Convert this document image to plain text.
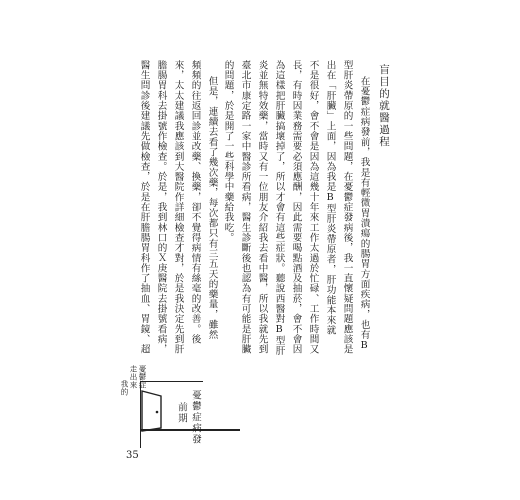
盲目的就醫過程
在憂鬱症病發前，我是有輕微胃潰瘍的腸胃方面疾病，也有B
型肝炎帶原的一些問題，在憂鬱症發病後，我一直懷疑問題應該是
出在「肝臟」上面，因為我是B型肝炎帶原者，肝功能本來就
不是很好，會不會是因為這幾十年來工作太過於忙碌、工作時間又
長，有時因業務需要必須應酬，因此需要喝點酒及抽菸，會不會因
為這樣把肝臟搞壞掉了，所以才會有這些症狀。聽說西醫對B型肝
炎並無特效藥，當時又有一位朋友介紹我去看中醫，所以我就先到
臺北市康定路一家中醫診所看病，醫生診斷後也認為有可能是肝臟
的問題，於是開了一些科學中藥給我吃。
但是，連續去看了幾次藥，每次都只有三五天的藥量，雖然
頻頻的往返回診並改藥、換藥，卻不覺得病情有絲毫的改善。後
來，太太建議我應該到大醫院作詳細檢查才對，於是我決定先到肝
膽腸胃科去掛號作檢查。於是，我到林口的Ｘ庚醫院去掛號看病，
醫生問診後建議先做檢查，於是在肝膽腸胃科作了抽血、胃鏡、超
憂鬱症
走出來
我的
憂鬱症病發
前期
35
